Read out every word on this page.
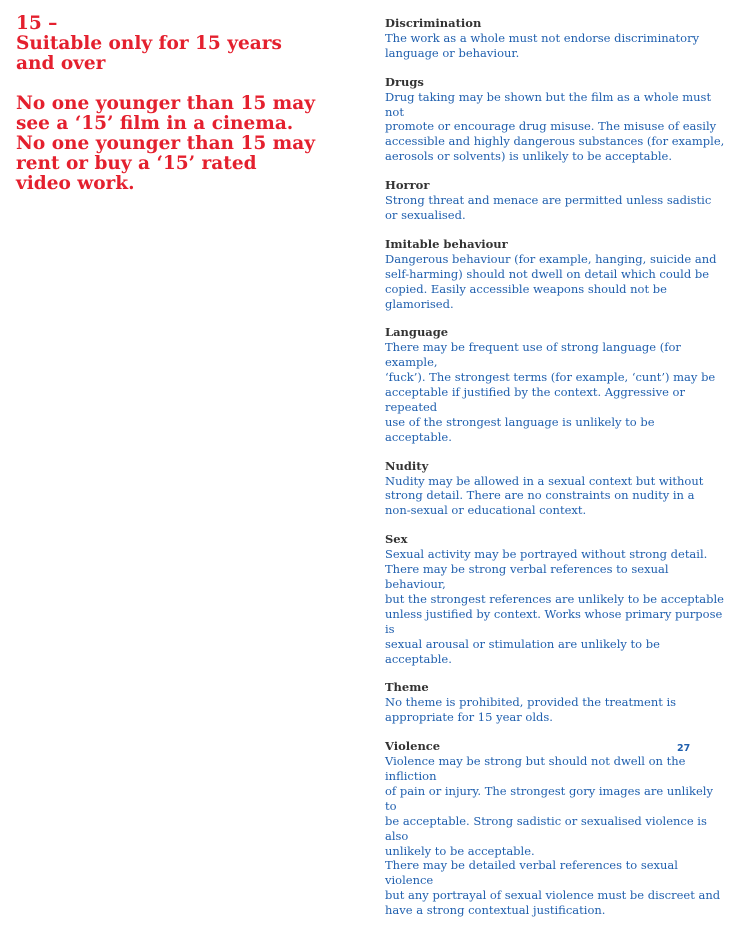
15 –

Suitable only for 15 years
and over

No one younger than 15 may
see a ‘15’ film in a cinema.
No one younger than 15 may
rent or buy a ‘15’ rated
video work.

Discrimination

The work as a whole must not endorse discriminatory
language or behaviour.

Drugs

Drug taking may be shown but the film as a whole must not
promote or encourage drug misuse. The misuse of easily
accessible and highly dangerous substances (for example,
aerosols or solvents) is unlikely to be acceptable.

Horror

Strong threat and menace are permitted unless sadistic
or sexualised.

Imitable behaviour

Dangerous behaviour (for example, hanging, suicide and
self-harming) should not dwell on detail which could be
copied. Easily accessible weapons should not be glamorised.

Language

There may be frequent use of strong language (for example,
‘fuck’). The strongest terms (for example, ‘cunt’) may be
acceptable if justified by the context. Aggressive or repeated
use of the strongest language is unlikely to be acceptable.

Nudity

Nudity may be allowed in a sexual context but without
strong detail. There are no constraints on nudity in a
non-sexual or educational context.

Sex

Sexual activity may be portrayed without strong detail.
There may be strong verbal references to sexual behaviour,
but the strongest references are unlikely to be acceptable
unless justified by context. Works whose primary purpose is
sexual arousal or stimulation are unlikely to be acceptable.

Theme

No theme is prohibited, provided the treatment is
appropriate for 15 year olds.

Violence

Violence may be strong but should not dwell on the infliction
of pain or injury. The strongest gory images are unlikely to
be acceptable. Strong sadistic or sexualised violence is also
unlikely to be acceptable.

There may be detailed verbal references to sexual violence
but any portrayal of sexual violence must be discreet and
have a strong contextual justification.

27
